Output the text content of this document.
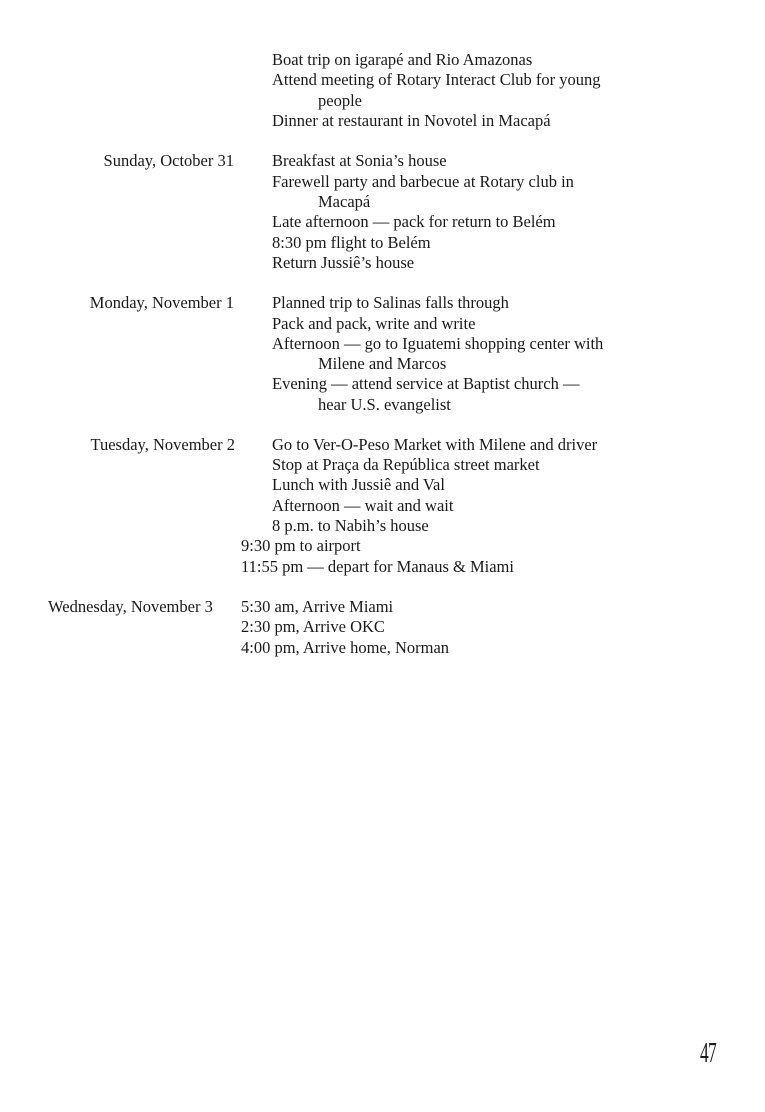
Boat trip on igarapé and Rio Amazonas
Attend meeting of Rotary Interact Club for young
people
Dinner at restaurant in Novotel in Macapá
Sunday, October 31 Breakfast at Sonia’s house
Farewell party and barbecue at Rotary club in
Macapá
Late afternoon — pack for return to Belém
8:30 pm flight to Belém
Return Jussiê’s house
Monday, November 1 Planned trip to Salinas falls through
Pack and pack, write and write
Afternoon — go to Iguatemi shopping center with
Milene and Marcos
Evening — attend service at Baptist church —
hear U.S. evangelist
Tuesday, November 2 Go to Ver-O-Peso Market with Milene and driver
Stop at Praça da República street market
Lunch with Jussiê and Val
Afternoon — wait and wait
8 p.m. to Nabih’s house
9:30 pm to airport
11:55 pm — depart for Manaus & Miami
Wednesday, November 3 5:30 am, Arrive Miami
2:30 pm, Arrive OKC
4:00 pm, Arrive home, Norman
47
